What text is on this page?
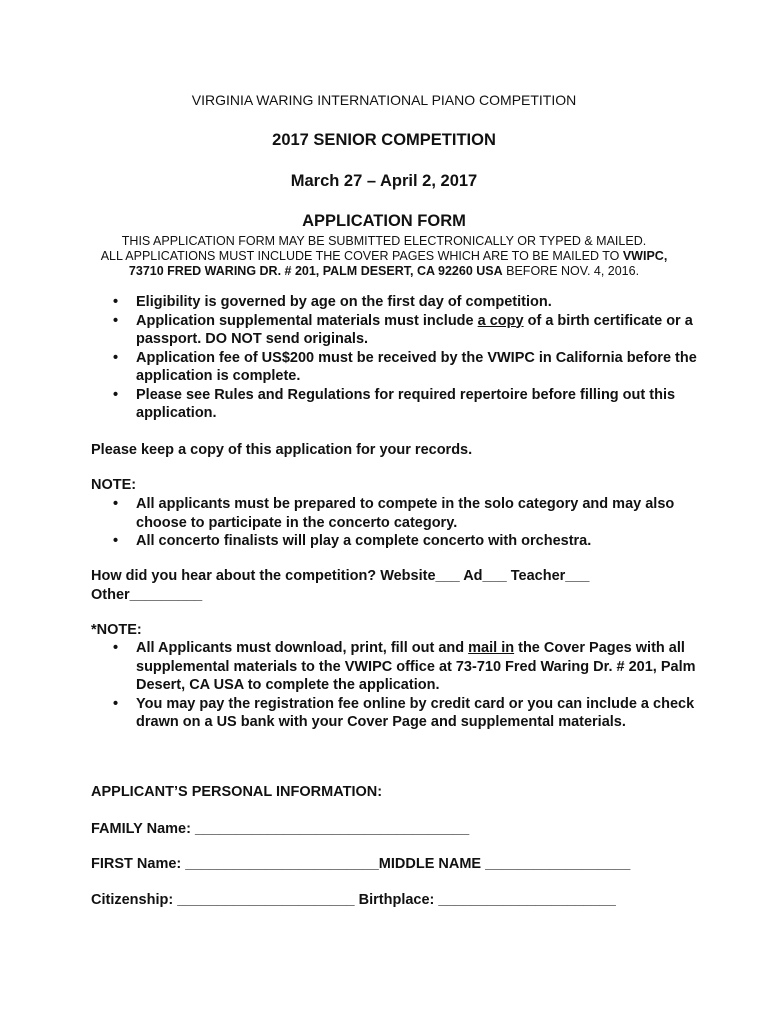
VIRGINIA WARING INTERNATIONAL PIANO COMPETITION
2017 SENIOR COMPETITION
March 27 – April 2, 2017
APPLICATION FORM
THIS APPLICATION FORM MAY BE SUBMITTED ELECTRONICALLY OR TYPED & MAILED.
ALL APPLICATIONS MUST INCLUDE THE COVER PAGES WHICH ARE TO BE MAILED TO VWIPC,
73710 FRED WARING DR. # 201, PALM DESERT, CA 92260 USA BEFORE NOV. 4, 2016.
• Eligibility is governed by age on the first day of competition.
• Application supplemental materials must include a copy of a birth certificate or a passport. DO NOT send originals.
• Application fee of US$200 must be received by the VWIPC in California before the application is complete.
• Please see Rules and Regulations for required repertoire before filling out this application.
Please keep a copy of this application for your records.
NOTE:
• All applicants must be prepared to compete in the solo category and may also choose to participate in the concerto category.
• All concerto finalists will play a complete concerto with orchestra.
How did you hear about the competition? Website___ Ad___ Teacher___
Other_________
*NOTE:
• All Applicants must download, print, fill out and mail in the Cover Pages with all supplemental materials to the VWIPC office at 73-710 Fred Waring Dr. # 201, Palm Desert, CA USA to complete the application.
• You may pay the registration fee online by credit card or you can include a check drawn on a US bank with your Cover Page and supplemental materials.
APPLICANT’S PERSONAL INFORMATION:
FAMILY Name: __________________________________
FIRST Name: ________________________MIDDLE NAME __________________
Citizenship: ______________________ Birthplace: ______________________
